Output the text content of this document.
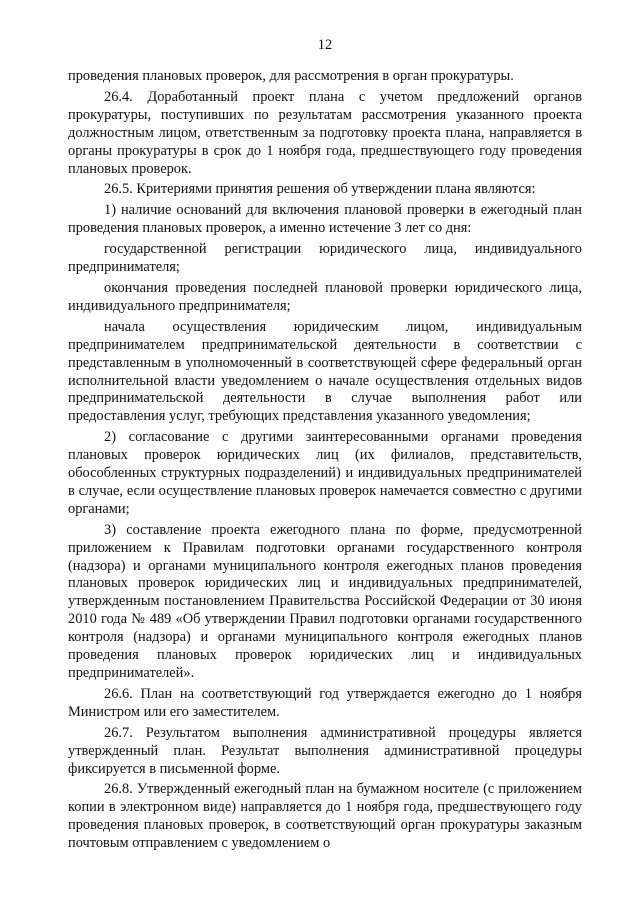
12

проведения плановых проверок, для рассмотрения в орган прокуратуры.

26.4. Доработанный проект плана с учетом предложений органов прокуратуры, поступивших по результатам рассмотрения указанного проекта должностным лицом, ответственным за подготовку проекта плана, направляется в органы прокуратуры в срок до 1 ноября года, предшествующего году проведения плановых проверок.

26.5. Критериями принятия решения об утверждении плана являются:

1) наличие оснований для включения плановой проверки в ежегодный план проведения плановых проверок, а именно истечение 3 лет со дня:

государственной регистрации юридического лица, индивидуального предпринимателя;

окончания проведения последней плановой проверки юридического лица, индивидуального предпринимателя;

начала осуществления юридическим лицом, индивидуальным предпринимателем предпринимательской деятельности в соответствии с представленным в уполномоченный в соответствующей сфере федеральный орган исполнительной власти уведомлением о начале осуществления отдельных видов предпринимательской деятельности в случае выполнения работ или предоставления услуг, требующих представления указанного уведомления;

2) согласование с другими заинтересованными органами проведения плановых проверок юридических лиц (их филиалов, представительств, обособленных структурных подразделений) и индивидуальных предпринимателей в случае, если осуществление плановых проверок намечается совместно с другими органами;

3) составление проекта ежегодного плана по форме, предусмотренной приложением к Правилам подготовки органами государственного контроля (надзора) и органами муниципального контроля ежегодных планов проведения плановых проверок юридических лиц и индивидуальных предпринимателей, утвержденным постановлением Правительства Российской Федерации от 30 июня 2010 года № 489 «Об утверждении Правил подготовки органами государственного контроля (надзора) и органами муниципального контроля ежегодных планов проведения плановых проверок юридических лиц и индивидуальных предпринимателей».

26.6. План на соответствующий год утверждается ежегодно до 1 ноября Министром или его заместителем.

26.7. Результатом выполнения административной процедуры является утвержденный план. Результат выполнения административной процедуры фиксируется в письменной форме.

26.8. Утвержденный ежегодный план на бумажном носителе (с приложением копии в электронном виде) направляется до 1 ноября года, предшествующего году проведения плановых проверок, в соответствующий орган прокуратуры заказным почтовым отправлением с уведомлением о
